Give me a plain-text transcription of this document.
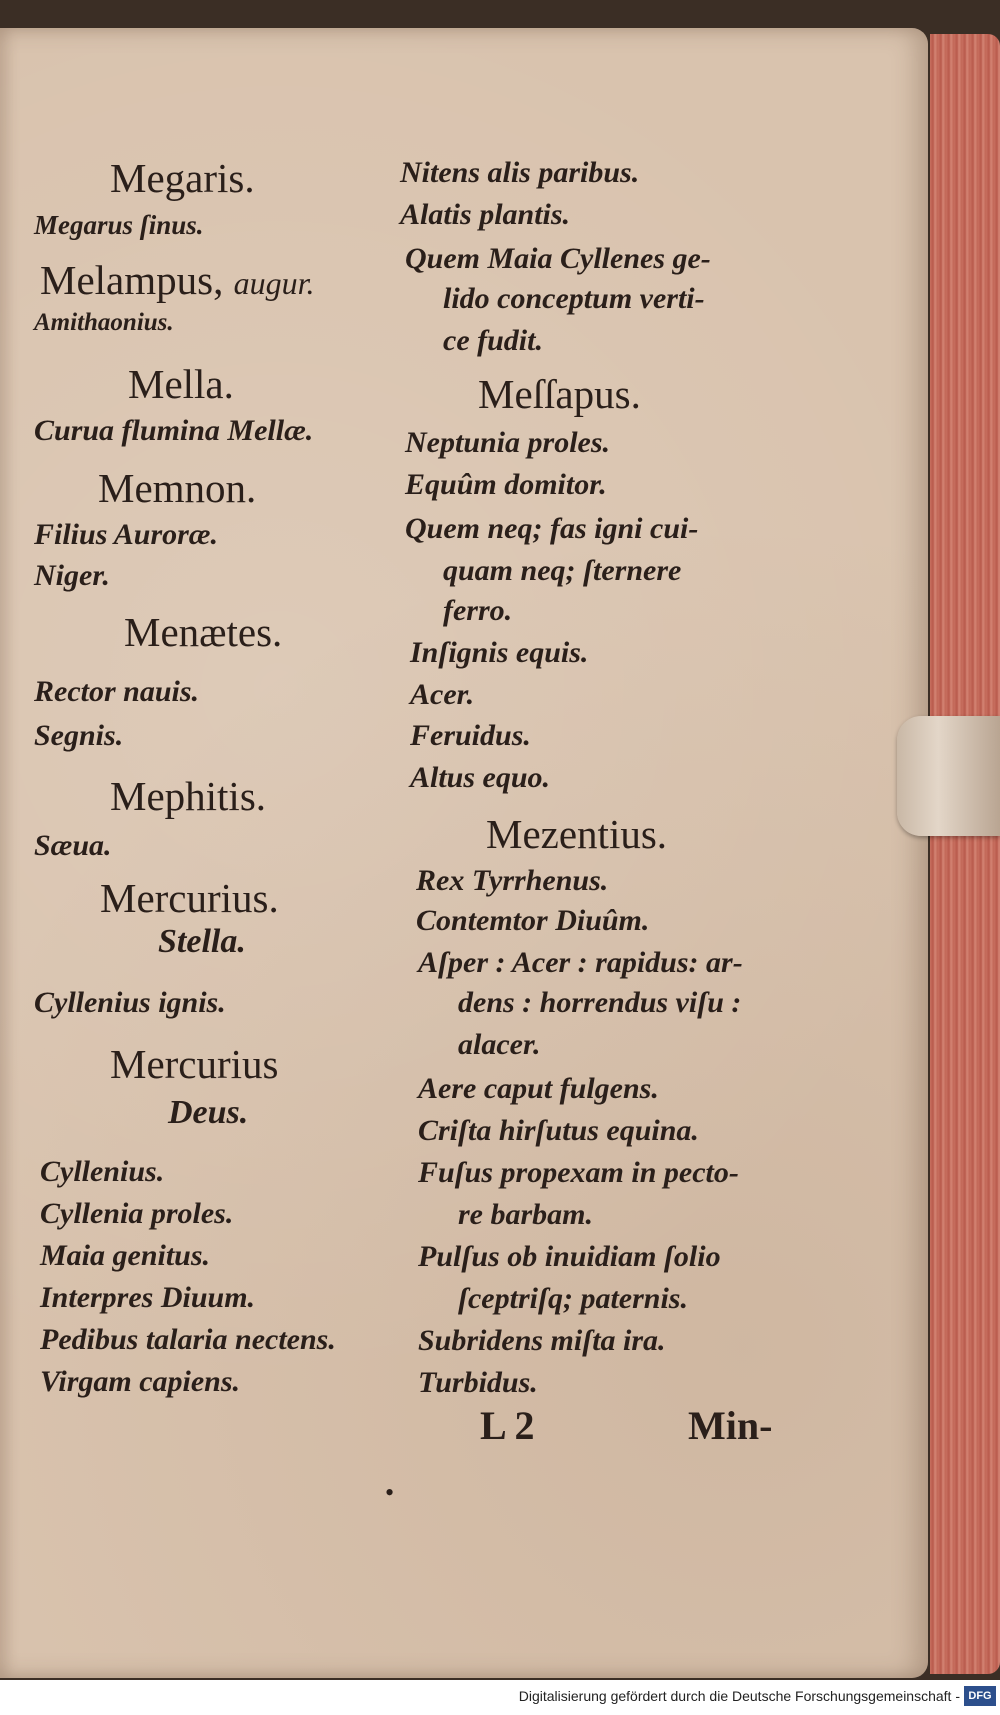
Megaris.
Megarus ſinus.
Melampus, augur.
Amithaonius.
Mella.
Curua flumina Mellæ.
Memnon.
Filius Auroræ.
Niger.
Menætes.
Rector nauis.
Segnis.
Mephitis.
Sæua.
Mercurius.
Stella.
Cyllenius ignis.
Mercurius
Deus.
Cyllenius.
Cyllenia proles.
Maia genitus.
Interpres Diuum.
Pedibus talaria nectens.
Virgam capiens.
Nitens alis paribus.
Alatis plantis.
Quem Maia Cyllenes ge-
lido conceptum verti-
ce fudit.
Meſſapus.
Neptunia proles.
Equûm domitor.
Quem neq; fas igni cui-
quam neq; ſternere
ferro.
Inſignis equis.
Acer.
Feruidus.
Altus equo.
Mezentius.
Rex Tyrrhenus.
Contemtor Diuûm.
Aſper : Acer : rapidus: ar-
dens : horrendus viſu :
alacer.
Aere caput fulgens.
Criſta hirſutus equina.
Fuſus propexam in pecto-
re barbam.
Pulſus ob inuidiam ſolio
ſceptriſq; paternis.
Subridens miſta ira.
Turbidus.
L 2	Min-
•
Digitalisierung gefördert durch die Deutsche Forschungsgemeinschaft - DFG
